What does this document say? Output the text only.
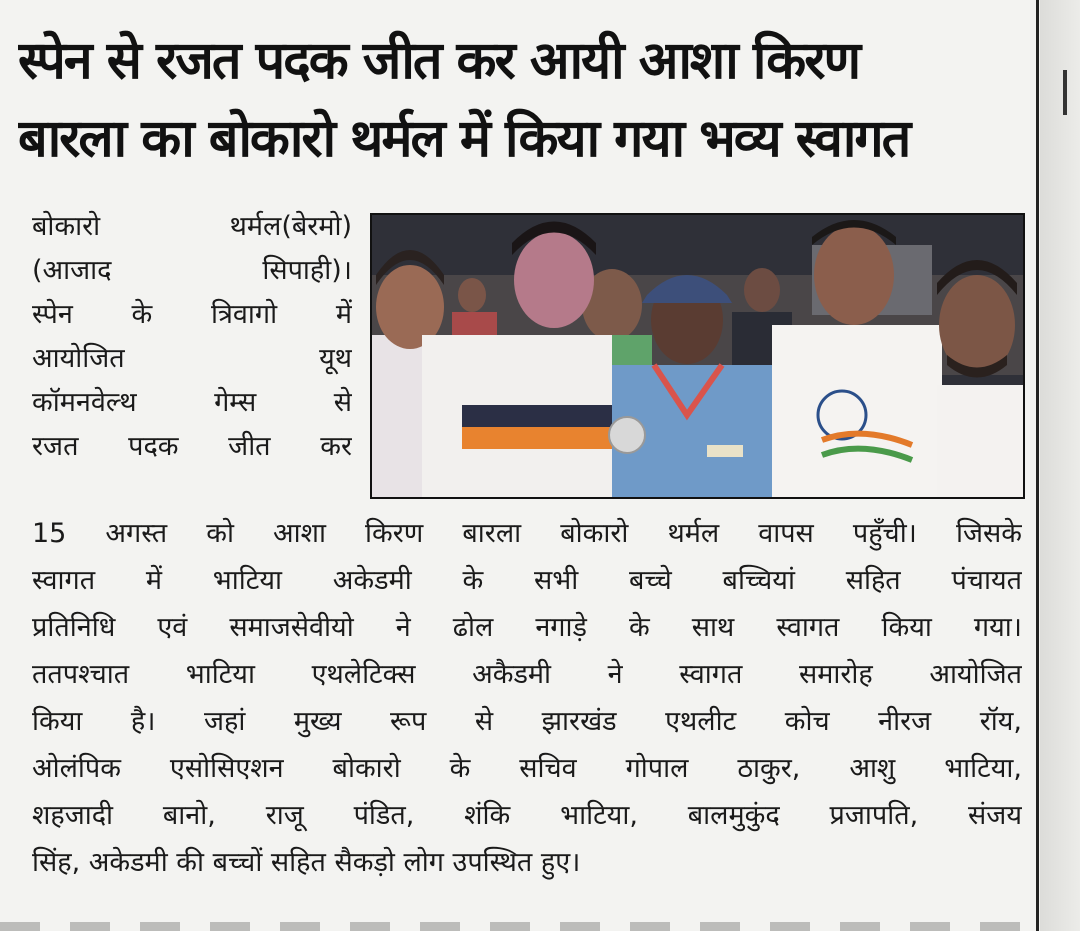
स्पेन से रजत पदक जीत कर आयी आशा किरण
बारला का बोकारो थर्मल में किया गया भव्य स्वागत
बोकारो थर्मल(बेरमो)
(आजाद सिपाही)।
स्पेन के त्रिवागो में
आयोजित यूथ
कॉमनवेल्थ गेम्स से
रजत पदक जीत कर
15 अगस्त को आशा किरण बारला बोकारो थर्मल वापस पहुँची। जिसके
स्वागत में भाटिया अकेडमी के सभी बच्चे बच्चियां सहित पंचायत
प्रतिनिधि एवं समाजसेवीयो ने ढोल नगाड़े के साथ स्वागत किया गया।
ततपश्चात भाटिया एथलेटिक्स अकैडमी ने स्वागत समारोह आयोजित
किया है। जहां मुख्य रूप से झारखंड एथलीट कोच नीरज रॉय,
ओलंपिक एसोसिएशन बोकारो के सचिव गोपाल ठाकुर, आशु भाटिया,
शहजादी बानो, राजू पंडित, शंकि भाटिया, बालमुकुंद प्रजापति, संजय
सिंह, अकेडमी की बच्चों सहित सैकड़ो लोग उपस्थित हुए।
